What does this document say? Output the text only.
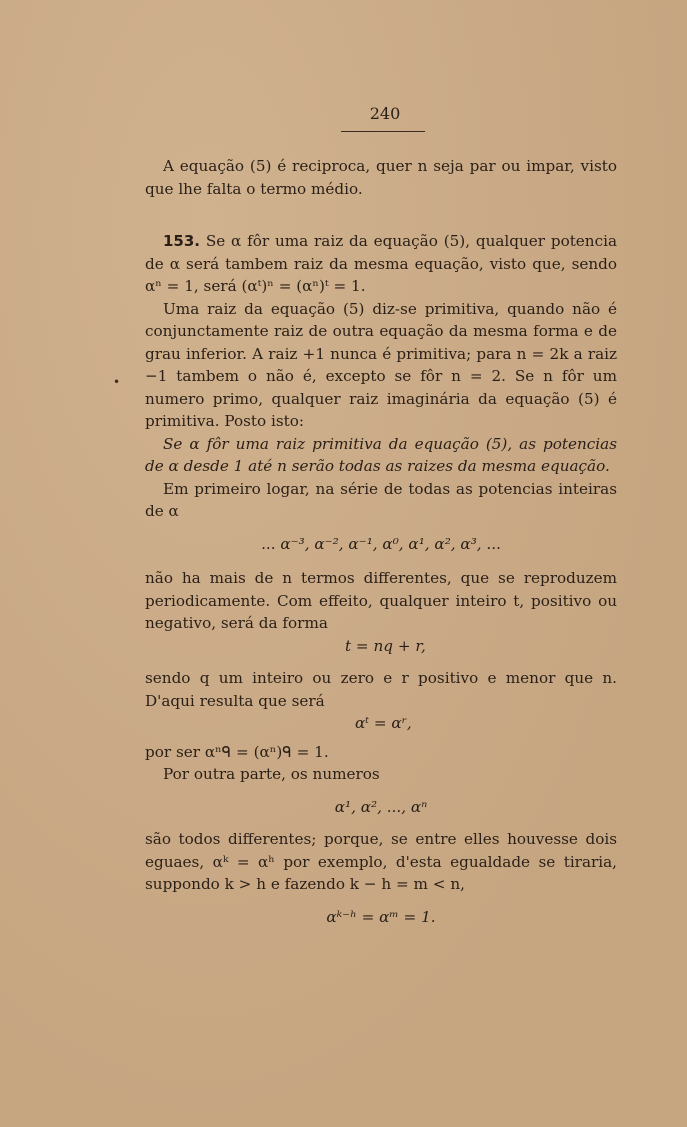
240
•

A equação (5) é reciproca, quer n seja par ou impar, visto que lhe falta o termo médio.

153. Se α fôr uma raiz da equação (5), qualquer potencia de α será tambem raiz da mesma equação, visto que, sendo αⁿ = 1, será (αᵗ)ⁿ = (αⁿ)ᵗ = 1.

Uma raiz da equação (5) diz-se primitiva, quando não é conjunctamente raiz de outra equação da mesma forma e de grau inferior. A raiz +1 nunca é primitiva; para n = 2k a raiz −1 tambem o não é, excepto se fôr n = 2. Se n fôr um numero primo, qualquer raiz imaginária da equação (5) é primitiva. Posto isto:

Se α fôr uma raiz primitiva da equação (5), as potencias de α desde 1 até n serão todas as raizes da mesma equação.

Em primeiro logar, na série de todas as potencias inteiras de α

... α⁻³, α⁻², α⁻¹, α⁰, α¹, α², α³, ...

não ha mais de n termos differentes, que se reproduzem periodicamente. Com effeito, qualquer inteiro t, positivo ou negativo, será da forma

t = nq + r,

sendo q um inteiro ou zero e r positivo e menor que n. D'aqui resulta que será

αᵗ = αʳ,

por ser αⁿᑫ = (αⁿ)ᑫ = 1.

Por outra parte, os numeros

α¹, α², ..., αⁿ

são todos differentes; porque, se entre elles houvesse dois eguaes, αᵏ = αʰ por exemplo, d'esta egualdade se tiraria, suppondo k > h e fazendo k − h = m < n,

αᵏ⁻ʰ = αᵐ = 1.
